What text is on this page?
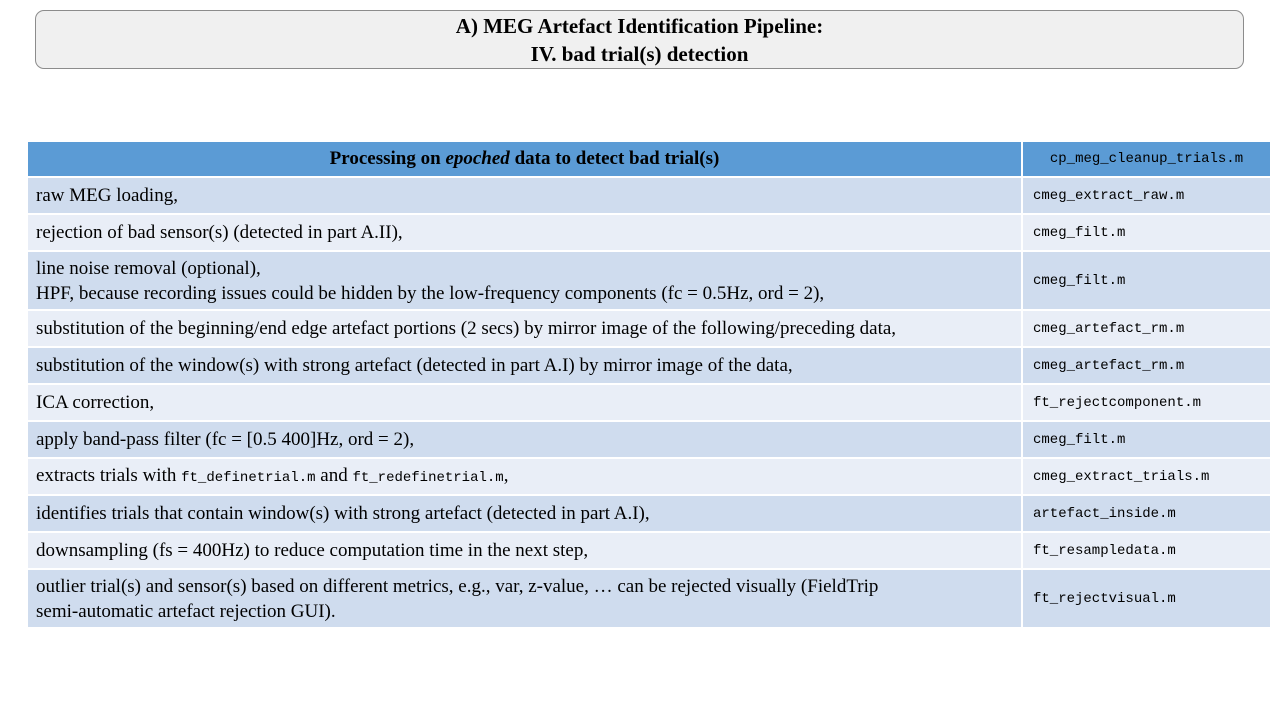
A) MEG Artefact Identification Pipeline:
IV. bad trial(s) detection
Processing on epoched data to detect bad trial(s)	cp_meg_cleanup_trials.m
raw MEG loading,	cmeg_extract_raw.m
rejection of bad sensor(s) (detected in part A.II),	cmeg_filt.m

line noise removal (optional),
HPF, because recording issues could be hidden by the low-frequency components (fc = 0.5Hz, ord = 2),	cmeg_filt.m
substitution of the beginning/end edge artefact portions (2 secs) by mirror image of the following/preceding data,	cmeg_artefact_rm.m
substitution of the window(s) with strong artefact (detected in part A.I) by mirror image of the data,	cmeg_artefact_rm.m
ICA correction,	ft_rejectcomponent.m
apply band-pass filter (fc = [0.5 400]Hz, ord = 2),	cmeg_filt.m
extracts trials with ft_definetrial.m and ft_redefinetrial.m,	cmeg_extract_trials.m
identifies trials that contain window(s) with strong artefact (detected in part A.I),	artefact_inside.m
downsampling (fs = 400Hz) to reduce computation time in the next step,	ft_resampledata.m

outlier trial(s) and sensor(s) based on different metrics, e.g., var, z-value, … can be rejected visually (FieldTrip
semi-automatic artefact rejection GUI).	ft_rejectvisual.m
